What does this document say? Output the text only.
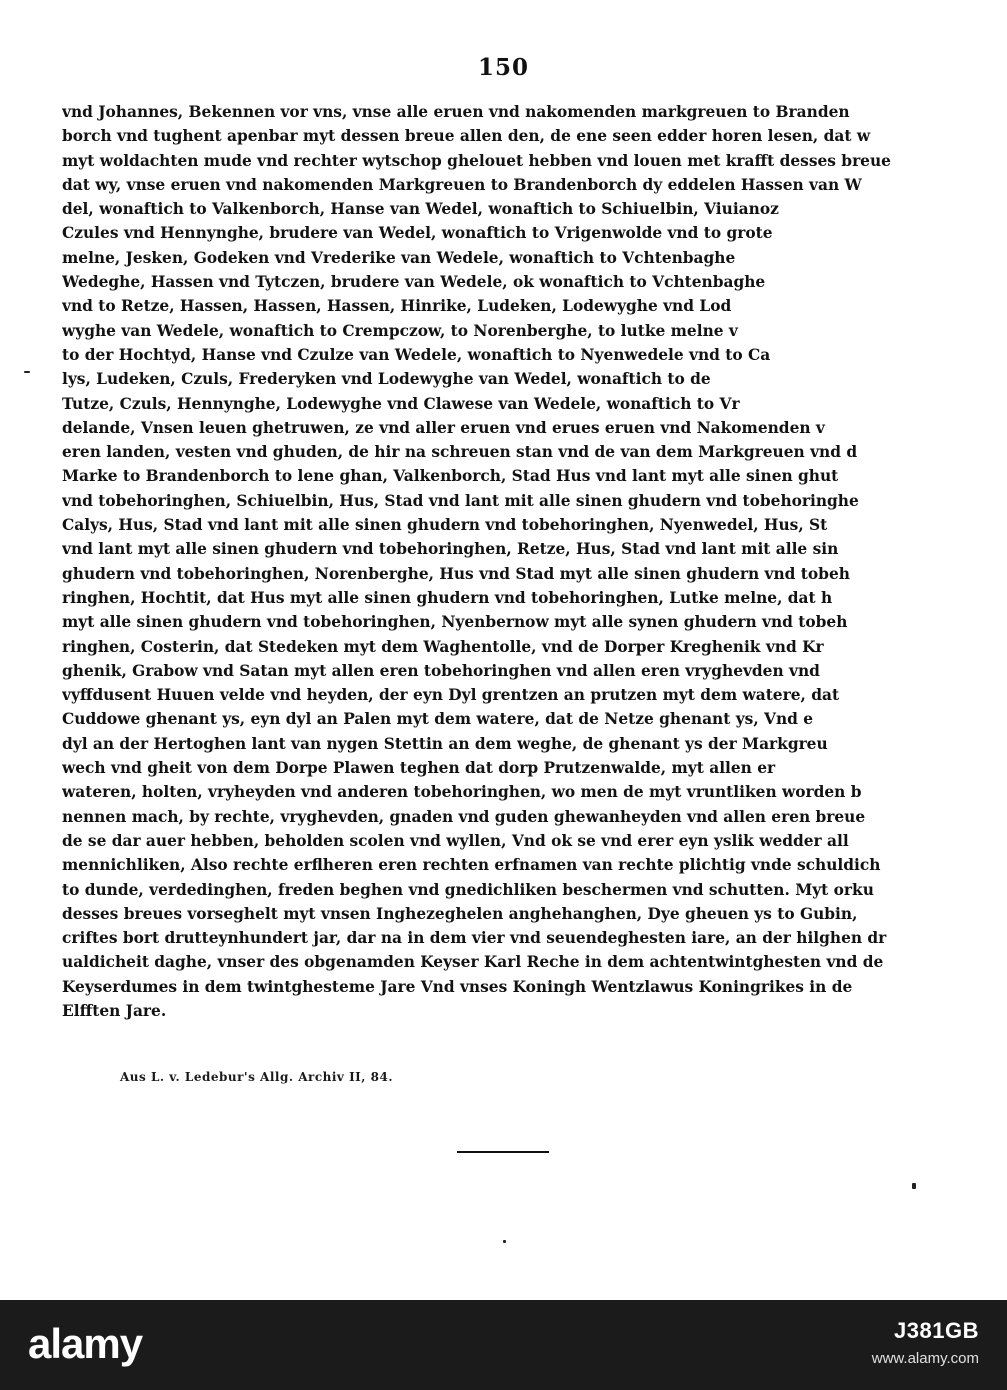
150
vnd Johannes, Bekennen vor vns, vnse alle eruen vnd nakomenden markgreuen to Branden
borch vnd tughent apenbar myt dessen breue allen den, de ene seen edder horen lesen, dat w
myt woldachten mude vnd rechter wytschop ghelouet hebben vnd louen met krafft desses breue
dat wy, vnse eruen vnd nakomenden Markgreuen to Brandenborch dy eddelen Hassen van W
del, wonaftich to Valkenborch, Hanse van Wedel, wonaftich to Schiuelbin, Viuianoz
Czules vnd Hennynghe, brudere van Wedel, wonaftich to Vrigenwolde vnd to grote
melne, Jesken, Godeken vnd Vrederike van Wedele, wonaftich to Vchtenbaghe
Wedeghe, Hassen vnd Tytczen, brudere van Wedele, ok wonaftich to Vchtenbaghe
vnd to Retze, Hassen, Hassen, Hassen, Hinrike, Ludeken, Lodewyghe vnd Lod
wyghe van Wedele, wonaftich to Crempczow, to Norenberghe, to lutke melne v
to der Hochtyd, Hanse vnd Czulze van Wedele, wonaftich to Nyenwedele vnd to Ca
lys, Ludeken, Czuls, Frederyken vnd Lodewyghe van Wedel, wonaftich to de
Tutze, Czuls, Hennynghe, Lodewyghe vnd Clawese van Wedele, wonaftich to Vr
delande, Vnsen leuen ghetruwen, ze vnd aller eruen vnd erues eruen vnd Nakomenden v
eren landen, vesten vnd ghuden, de hir na schreuen stan vnd de van dem Markgreuen vnd d
Marke to Brandenborch to lene ghan, Valkenborch, Stad Hus vnd lant myt alle sinen ghut
vnd tobehoringhen, Schiuelbin, Hus, Stad vnd lant mit alle sinen ghudern vnd tobehoringhe
Calys, Hus, Stad vnd lant mit alle sinen ghudern vnd tobehoringhen, Nyenwedel, Hus, St
vnd lant myt alle sinen ghudern vnd tobehoringhen, Retze, Hus, Stad vnd lant mit alle sin
ghudern vnd tobehoringhen, Norenberghe, Hus vnd Stad myt alle sinen ghudern vnd tobeh
ringhen, Hochtit, dat Hus myt alle sinen ghudern vnd tobehoringhen, Lutke melne, dat h
myt alle sinen ghudern vnd tobehoringhen, Nyenbernow myt alle synen ghudern vnd tobeh
ringhen, Costerin, dat Stedeken myt dem Waghentolle, vnd de Dorper Kreghenik vnd Kr
ghenik, Grabow vnd Satan myt allen eren tobehoringhen vnd allen eren vryghevden vnd
vyffdusent Huuen velde vnd heyden, der eyn Dyl grentzen an prutzen myt dem watere, dat
Cuddowe ghenant ys, eyn dyl an Palen myt dem watere, dat de Netze ghenant ys, Vnd e
dyl an der Hertoghen lant van nygen Stettin an dem weghe, de ghenant ys der Markgreu
wech vnd gheit von dem Dorpe Plawen teghen dat dorp Prutzenwalde, myt allen er
wateren, holten, vryheyden vnd anderen tobehoringhen, wo men de myt vruntliken worden b
nennen mach, by rechte, vryghevden, gnaden vnd guden ghewanheyden vnd allen eren breue
de se dar auer hebben, beholden scolen vnd wyllen, Vnd ok se vnd erer eyn yslik wedder all
mennichliken, Also rechte erflheren eren rechten erfnamen van rechte plichtig vnde schuldich
to dunde, verdedinghen, freden beghen vnd gnedichliken beschermen vnd schutten. Myt orku
desses breues vorseghelt myt vnsen Inghezeghelen anghehanghen, Dye gheuen ys to Gubin,
criftes bort drutteynhundert jar, dar na in dem vier vnd seuendeghesten iare, an der hilghen dr
ualdicheit daghe, vnser des obgenamden Keyser Karl Reche in dem achtentwintghesten vnd de
Keyserdumes in dem twintghesteme Jare Vnd vnses Koningh Wentzlawus Koningrikes in de
Elfften Jare.
Aus L. v. Ledebur's Allg. Archiv II, 84.
alamy	J381GB
www.alamy.com
